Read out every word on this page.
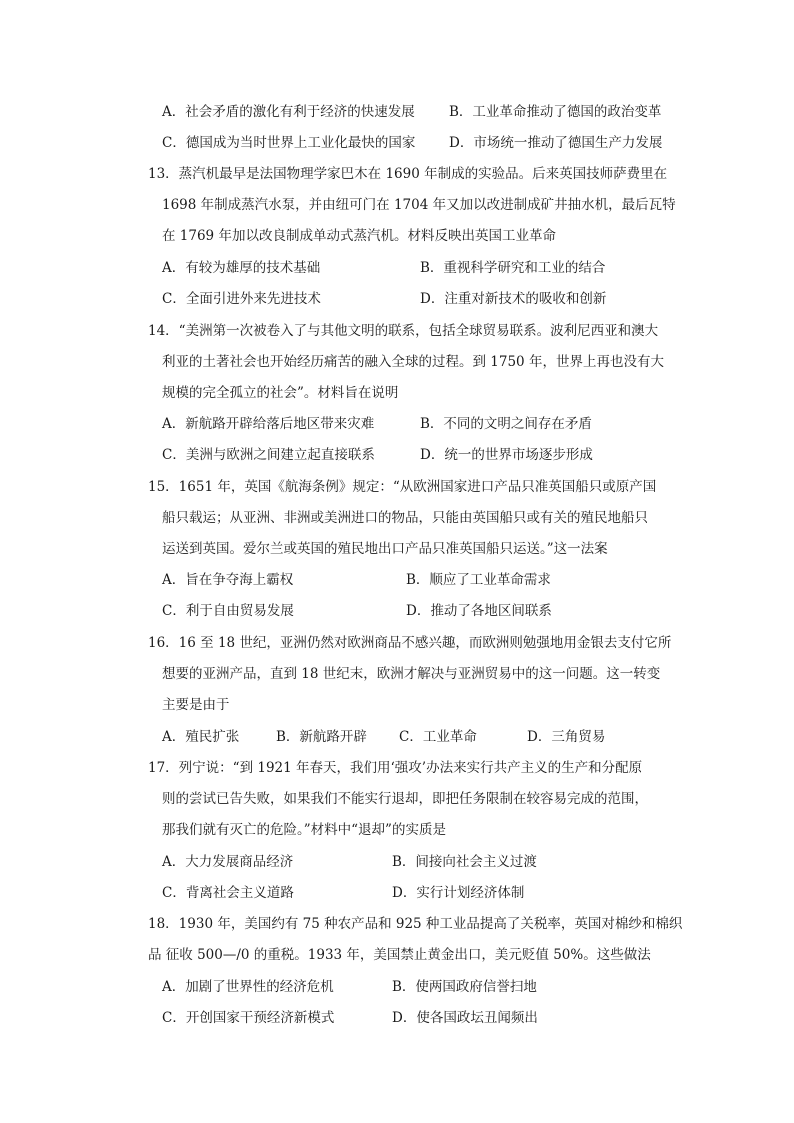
A．社会矛盾的激化有利于经济的快速发展	B．工业革命推动了德国的政治变革
C．德国成为当时世界上工业化最快的国家 D．市场统一推动了德国生产力发展
13．蒸汽机最早是法国物理学家巴木在 1690 年制成的实验品。后来英国技师萨费里在
1698 年制成蒸汽水泵，并由纽可门在 1704 年又加以改进制成矿井抽水机，最后瓦特
在 1769 年加以改良制成单动式蒸汽机。材料反映出英国工业革命
A．有较为雄厚的技术基础	B．重视科学研究和工业的结合
C．全面引进外来先进技术	D．注重对新技术的吸收和创新
14．“美洲第一次被卷入了与其他文明的联系，包括全球贸易联系。波利尼西亚和澳大
利亚的土著社会也开始经历痛苦的融入全球的过程。到 1750 年，世界上再也没有大
规模的完全孤立的社会”。材料旨在说明
A．新航路开辟给落后地区带来灾难	B．不同的文明之间存在矛盾
C．美洲与欧洲之间建立起直接联系	D．统一的世界市场逐步形成
15．1651 年，英国《航海条例》规定：“从欧洲国家进口产品只准英国船只或原产国
船只载运；从亚洲、非洲或美洲进口的物品，只能由英国船只或有关的殖民地船只
运送到英国。爱尔兰或英国的殖民地出口产品只准英国船只运送。”这一法案
A．旨在争夺海上霸权	B．顺应了工业革命需求
C．利于自由贸易发展	D．推动了各地区间联系
16．16 至 18 世纪，亚洲仍然对欧洲商品不感兴趣，而欧洲则勉强地用金银去支付它所
想要的亚洲产品，直到 18 世纪末，欧洲才解决与亚洲贸易中的这一问题。这一转变
主要是由于
A．殖民扩张	B．新航路开辟 C．工业革命	D．三角贸易
17．列宁说：“到 1921 年春天，我们用‘强攻’办法来实行共产主义的生产和分配原
则的尝试已告失败，如果我们不能实行退却，即把任务限制在较容易完成的范围，
那我们就有灭亡的危险。”材料中“退却”的实质是
A．大力发展商品经济	B．间接向社会主义过渡
C．背离社会主义道路	D．实行计划经济体制
18．1930 年，美国约有 75 种农产品和 925 种工业品提高了关税率，英国对棉纱和棉织
品 征收 500—/0 的重税。1933 年，美国禁止黄金出口，美元贬值 50%。这些做法
A．加剧了世界性的经济危机	B．使两国政府信誉扫地
C．开创国家干预经济新模式	D．使各国政坛丑闻频出
